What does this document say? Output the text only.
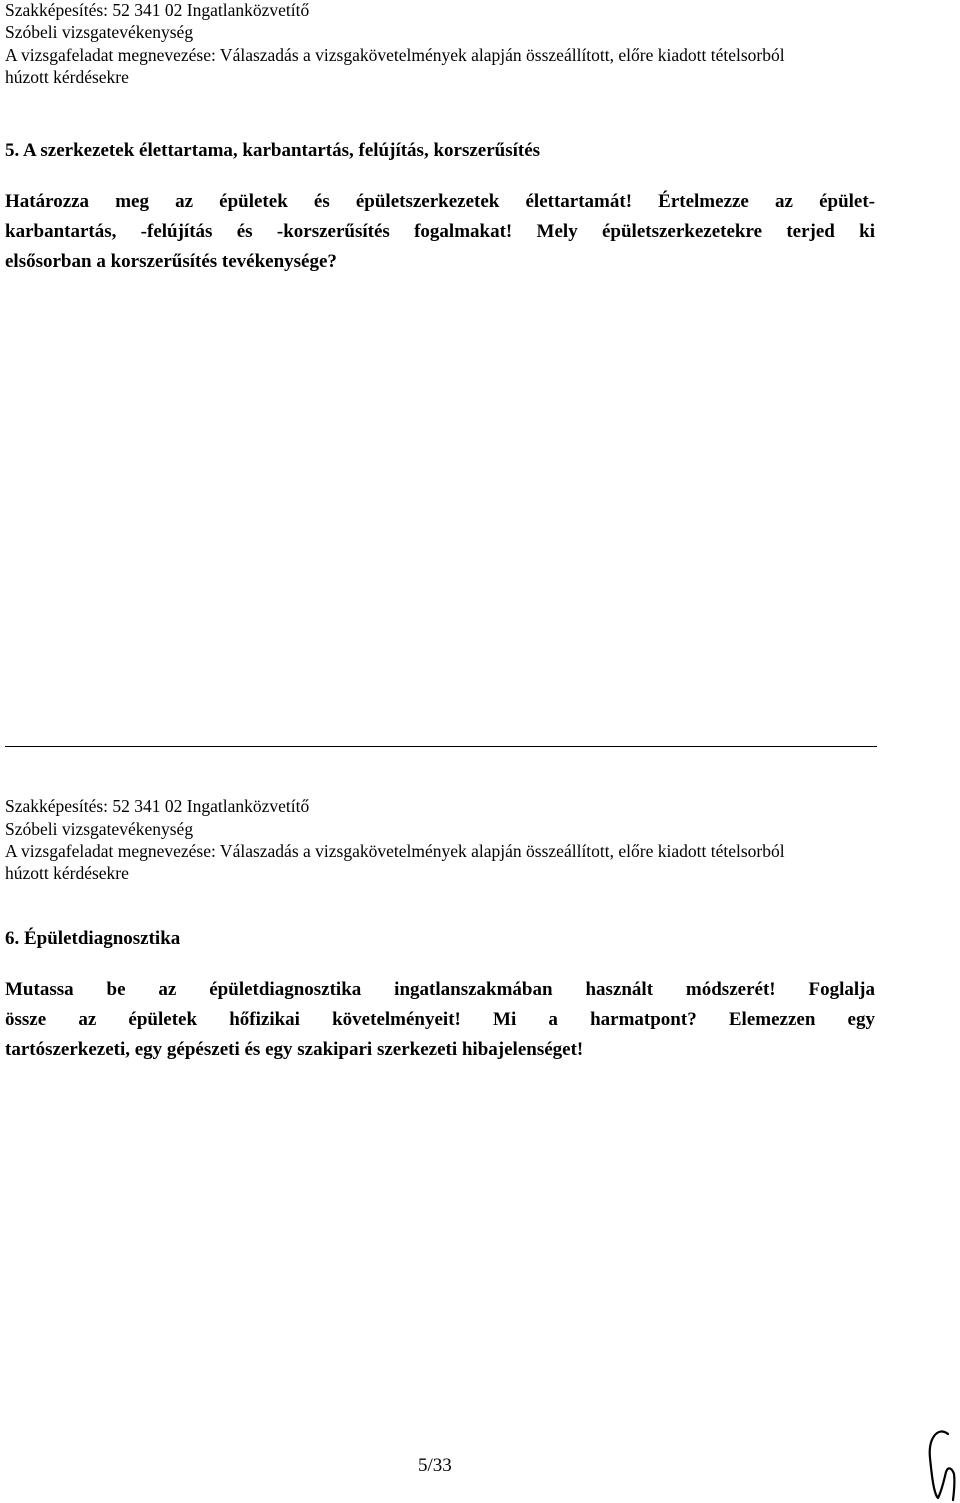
Szakképesítés: 52 341 02 Ingatlanközvetítő
Szóbeli vizsgatevékenység
A vizsgafeladat megnevezése: Válaszadás a vizsgakövetelmények alapján összeállított, előre kiadott tételsorból
húzott kérdésekre
5. A szerkezetek élettartama, karbantartás, felújítás, korszerűsítés
Határozza meg az épületek és épületszerkezetek élettartamát! Értelmezze az épület-
karbantartás, -felújítás és -korszerűsítés fogalmakat! Mely épületszerkezetekre terjed ki
elsősorban a korszerűsítés tevékenysége?
Szakképesítés: 52 341 02 Ingatlanközvetítő
Szóbeli vizsgatevékenység
A vizsgafeladat megnevezése: Válaszadás a vizsgakövetelmények alapján összeállított, előre kiadott tételsorból
húzott kérdésekre
6. Épületdiagnosztika
Mutassa be az épületdiagnosztika ingatlanszakmában használt módszerét! Foglalja
össze az épületek hőfizikai követelményeit! Mi a harmatpont? Elemezzen egy
tartószerkezeti, egy gépészeti és egy szakipari szerkezeti hibajelenséget!
5/33
